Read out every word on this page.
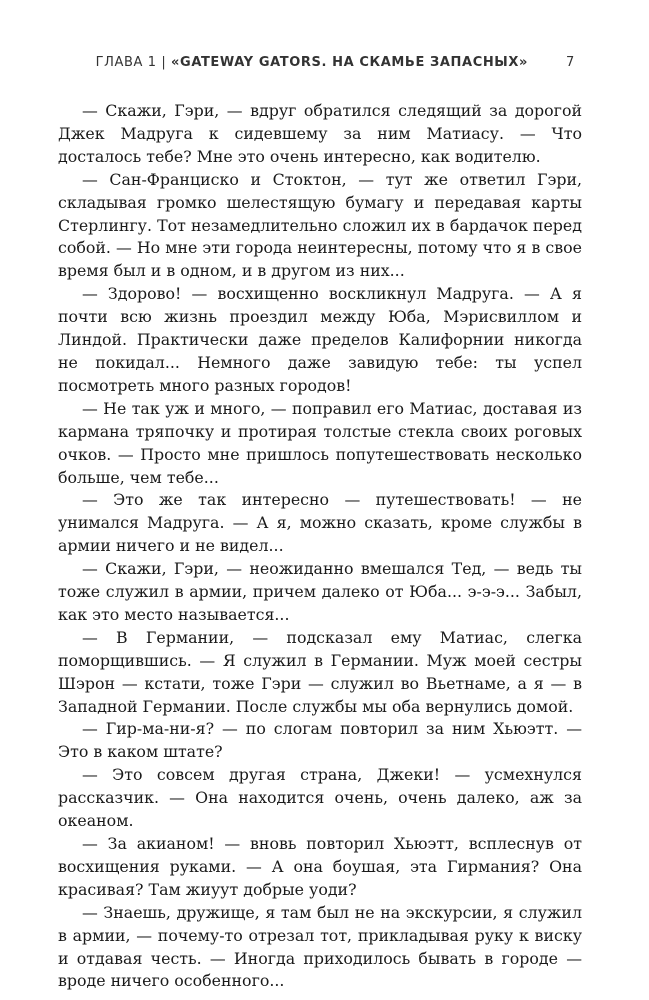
ГЛАВА 1 | «GATEWAY GATORS. НА СКАМЬЕ ЗАПАСНЫХ»	7

— Скажи, Гэри, — вдруг обратился следящий за дорогой Джек Мадруга к сидевшему за ним Матиасу. — Что досталось тебе? Мне это очень интересно, как водителю.

— Сан-Франциско и Стоктон, — тут же ответил Гэри, складывая громко шелестящую бумагу и передавая карты Стерлингу. Тот незамедлительно сложил их в бардачок перед собой. — Но мне эти города неинтересны, потому что я в свое время был и в одном, и в другом из них...

— Здорово! — восхищенно воскликнул Мадруга. — А я почти всю жизнь проездил между Юба, Мэрисвиллом и Линдой. Практически даже пределов Калифорнии никогда не покидал... Немного даже завидую тебе: ты успел посмотреть много разных городов!

— Не так уж и много, — поправил его Матиас, доставая из кармана тряпочку и протирая толстые стекла своих роговых очков. — Просто мне пришлось попутешествовать несколько больше, чем тебе...

— Это же так интересно — путешествовать! — не унимался Мадруга. — А я, можно сказать, кроме службы в армии ничего и не видел...

— Скажи, Гэри, — неожиданно вмешался Тед, — ведь ты тоже служил в армии, причем далеко от Юба... э-э-э... Забыл, как это место называется...

— В Германии, — подсказал ему Матиас, слегка поморщившись. — Я служил в Германии. Муж моей сестры Шэрон — кстати, тоже Гэри — служил во Вьетнаме, а я — в Западной Германии. После службы мы оба вернулись домой.

— Гир-ма-ни-я? — по слогам повторил за ним Хьюэтт. — Это в каком штате?

— Это совсем другая страна, Джеки! — усмехнулся рассказчик. — Она находится очень, очень далеко, аж за океаном.

— За акианом! — вновь повторил Хьюэтт, всплеснув от восхищения руками. — А она боушая, эта Гирмания? Она красивая? Там жиуут добрые уоди?

— Знаешь, дружище, я там был не на экскурсии, я служил в армии, — почему-то отрезал тот, прикладывая руку к виску и отдавая честь. — Иногда приходилось бывать в городе — вроде ничего особенного...
